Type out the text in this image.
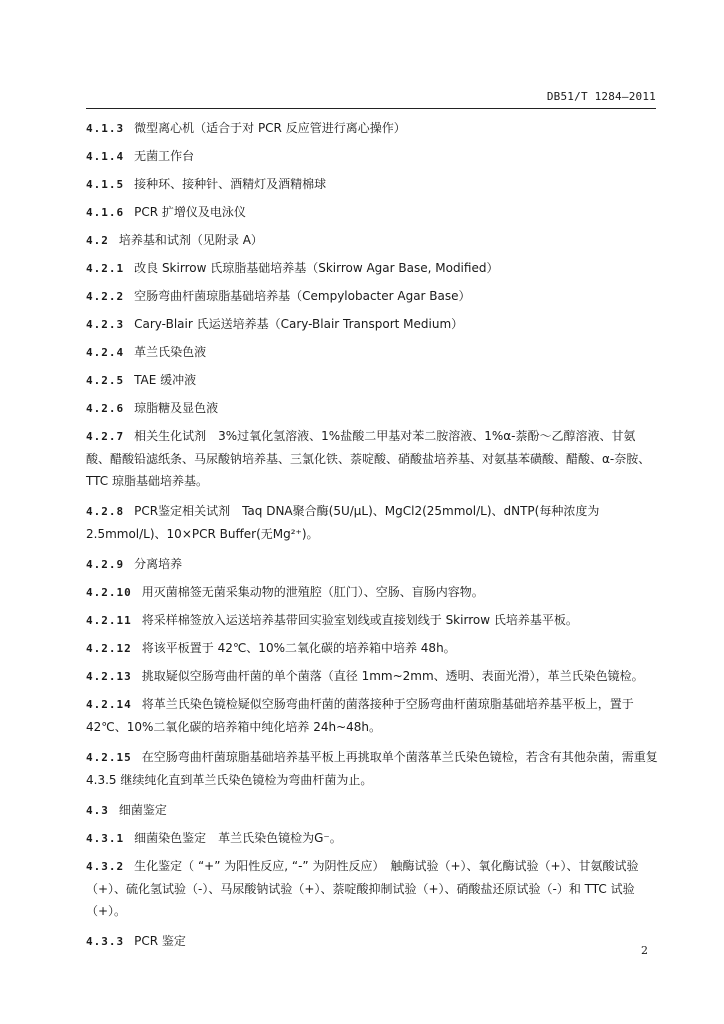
DB51/T 1284—2011

4.1.3 微型离心机（适合于对 PCR 反应管进行离心操作）

4.1.4 无菌工作台

4.1.5 接种环、接种针、酒精灯及酒精棉球

4.1.6 PCR 扩增仪及电泳仪

4.2 培养基和试剂（见附录 A）

4.2.1 改良 Skirrow 氏琼脂基础培养基（Skirrow Agar Base, Modified）

4.2.2 空肠弯曲杆菌琼脂基础培养基（Cempylobacter Agar Base）

4.2.3 Cary-Blair 氏运送培养基（Cary-Blair Transport Medium）

4.2.4 革兰氏染色液

4.2.5 TAE 缓冲液

4.2.6 琼脂糖及显色液

4.2.7 相关生化试剂　3%过氧化氢溶液、1%盐酸二甲基对苯二胺溶液、1%α-萘酚～乙醇溶液、甘氨酸、醋酸铅滤纸条、马尿酸钠培养基、三氯化铁、萘啶酸、硝酸盐培养基、对氨基苯磺酸、醋酸、α-奈胺、TTC 琼脂基础培养基。

4.2.8 PCR鉴定相关试剂　Taq DNA聚合酶(5U/μL)、MgCl2(25mmol/L)、dNTP(每种浓度为 2.5mmol/L)、10×PCR Buffer(无Mg²⁺)。

4.2.9 分离培养

4.2.10 用灭菌棉签无菌采集动物的泄殖腔（肛门）、空肠、盲肠内容物。

4.2.11 将采样棉签放入运送培养基带回实验室划线或直接划线于 Skirrow 氏培养基平板。

4.2.12 将该平板置于 42℃、10%二氧化碳的培养箱中培养 48h。

4.2.13 挑取疑似空肠弯曲杆菌的单个菌落（直径 1mm~2mm、透明、表面光滑），革兰氏染色镜检。

4.2.14 将革兰氏染色镜检疑似空肠弯曲杆菌的菌落接种于空肠弯曲杆菌琼脂基础培养基平板上，置于 42℃、10%二氧化碳的培养箱中纯化培养 24h~48h。

4.2.15 在空肠弯曲杆菌琼脂基础培养基平板上再挑取单个菌落革兰氏染色镜检，若含有其他杂菌，需重复 4.3.5 继续纯化直到革兰氏染色镜检为弯曲杆菌为止。

4.3 细菌鉴定

4.3.1 细菌染色鉴定　革兰氏染色镜检为G⁻。

4.3.2 生化鉴定（ “+” 为阳性反应, “-” 为阴性反应）　触酶试验（+）、氧化酶试验（+）、甘氨酸试验（+）、硫化氢试验（-）、马尿酸钠试验（+）、萘啶酸抑制试验（+）、硝酸盐还原试验（-）和 TTC 试验（+）。

4.3.3 PCR 鉴定

2
